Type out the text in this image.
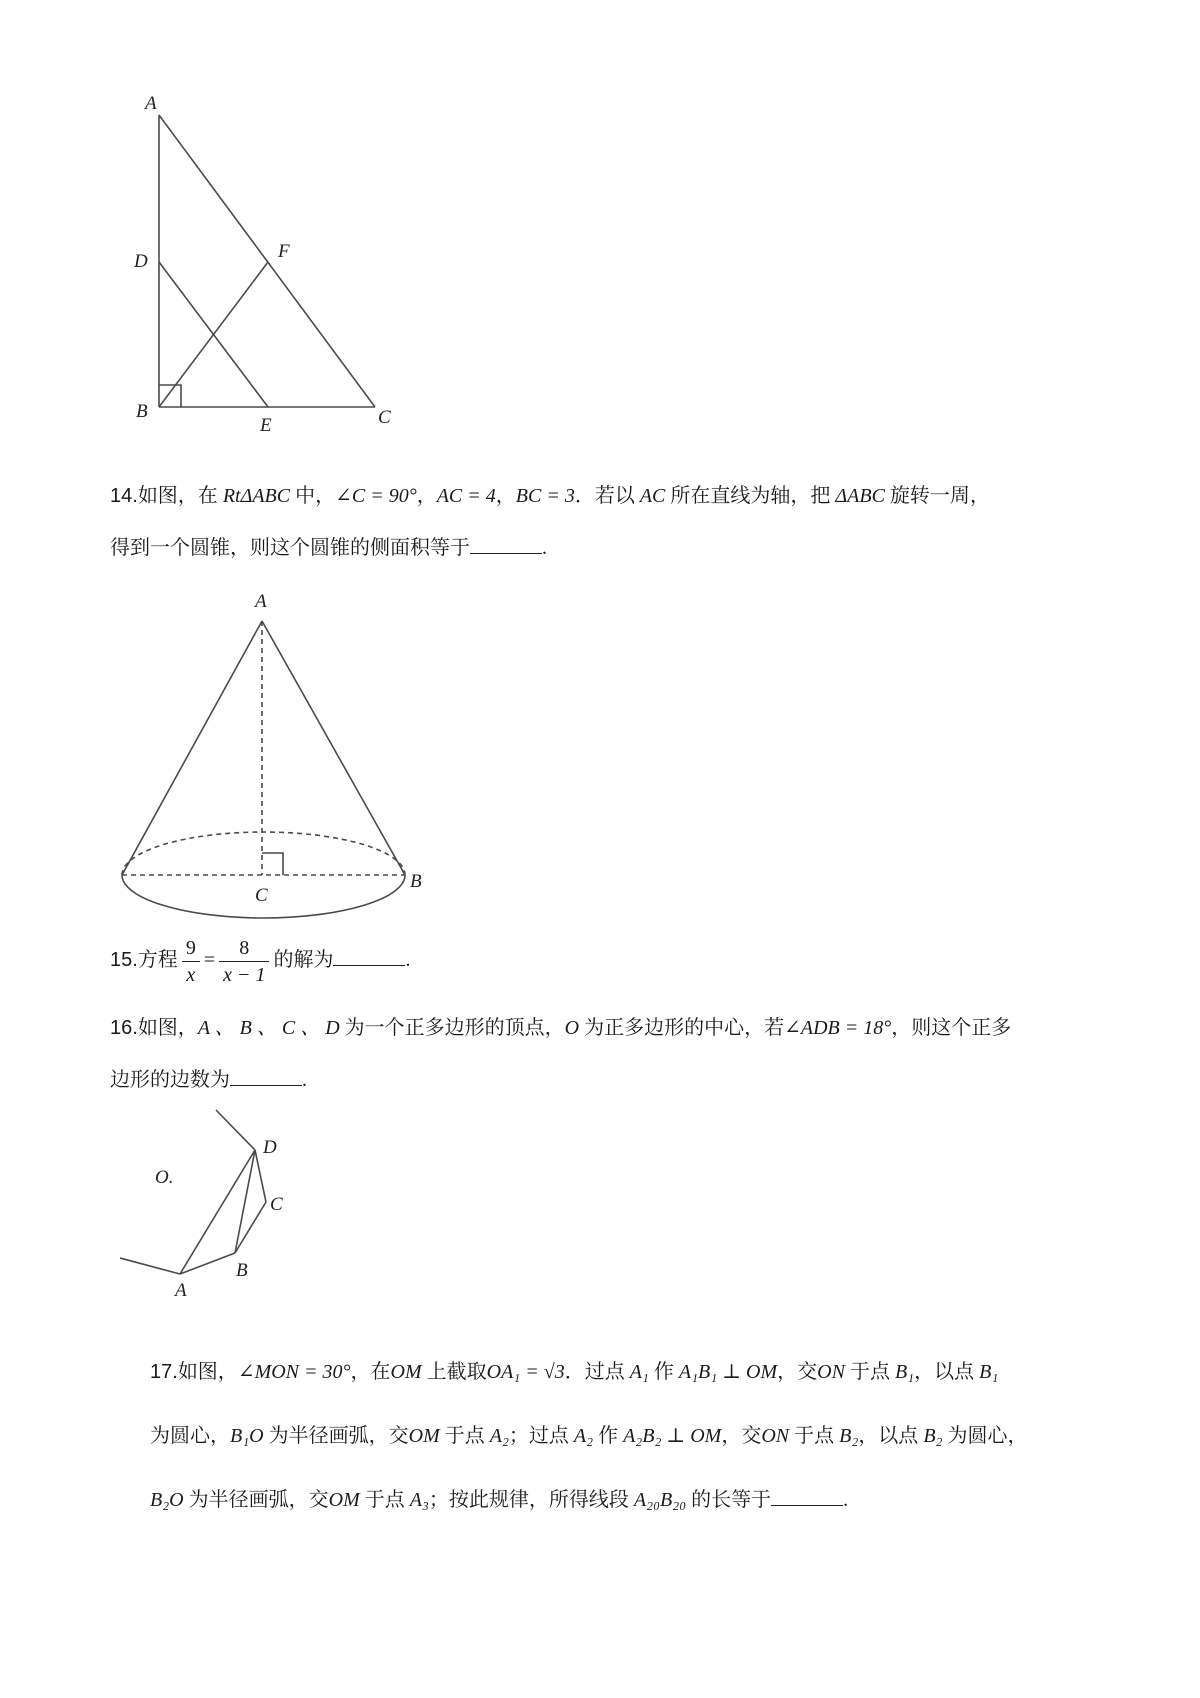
A
D	F
B
E	C
14.如图，在 RtΔABC 中，∠C = 90°，AC = 4，BC = 3．若以 AC 所在直线为轴，把 ΔABC 旋转一周，
得到一个圆锥，则这个圆锥的侧面积等于	.
A
C
B
15.方程 $\frac{9}{x} = \frac{8}{x - 1}$ 的解为	.
16.如图，A 、 B 、 C 、 D 为一个正多边形的顶点，O 为正多边形的中心，若∠ADB = 18°，则这个正多
边形的边数为	.
O.
D
C
B
A
17.如图，∠MON = 30°，在OM 上截取OA₁ = √3．过点 A₁ 作 A₁B₁ ⊥ OM，交ON 于点 B₁，以点 B₁
为圆心，B₁O 为半径画弧，交OM 于点 A₂；过点 A₂ 作 A₂B₂ ⊥ OM，交ON 于点 B₂，以点 B₂ 为圆心，
B₂O 为半径画弧，交OM 于点 A₃；按此规律，所得线段 A₂₀B₂₀ 的长等于	.
